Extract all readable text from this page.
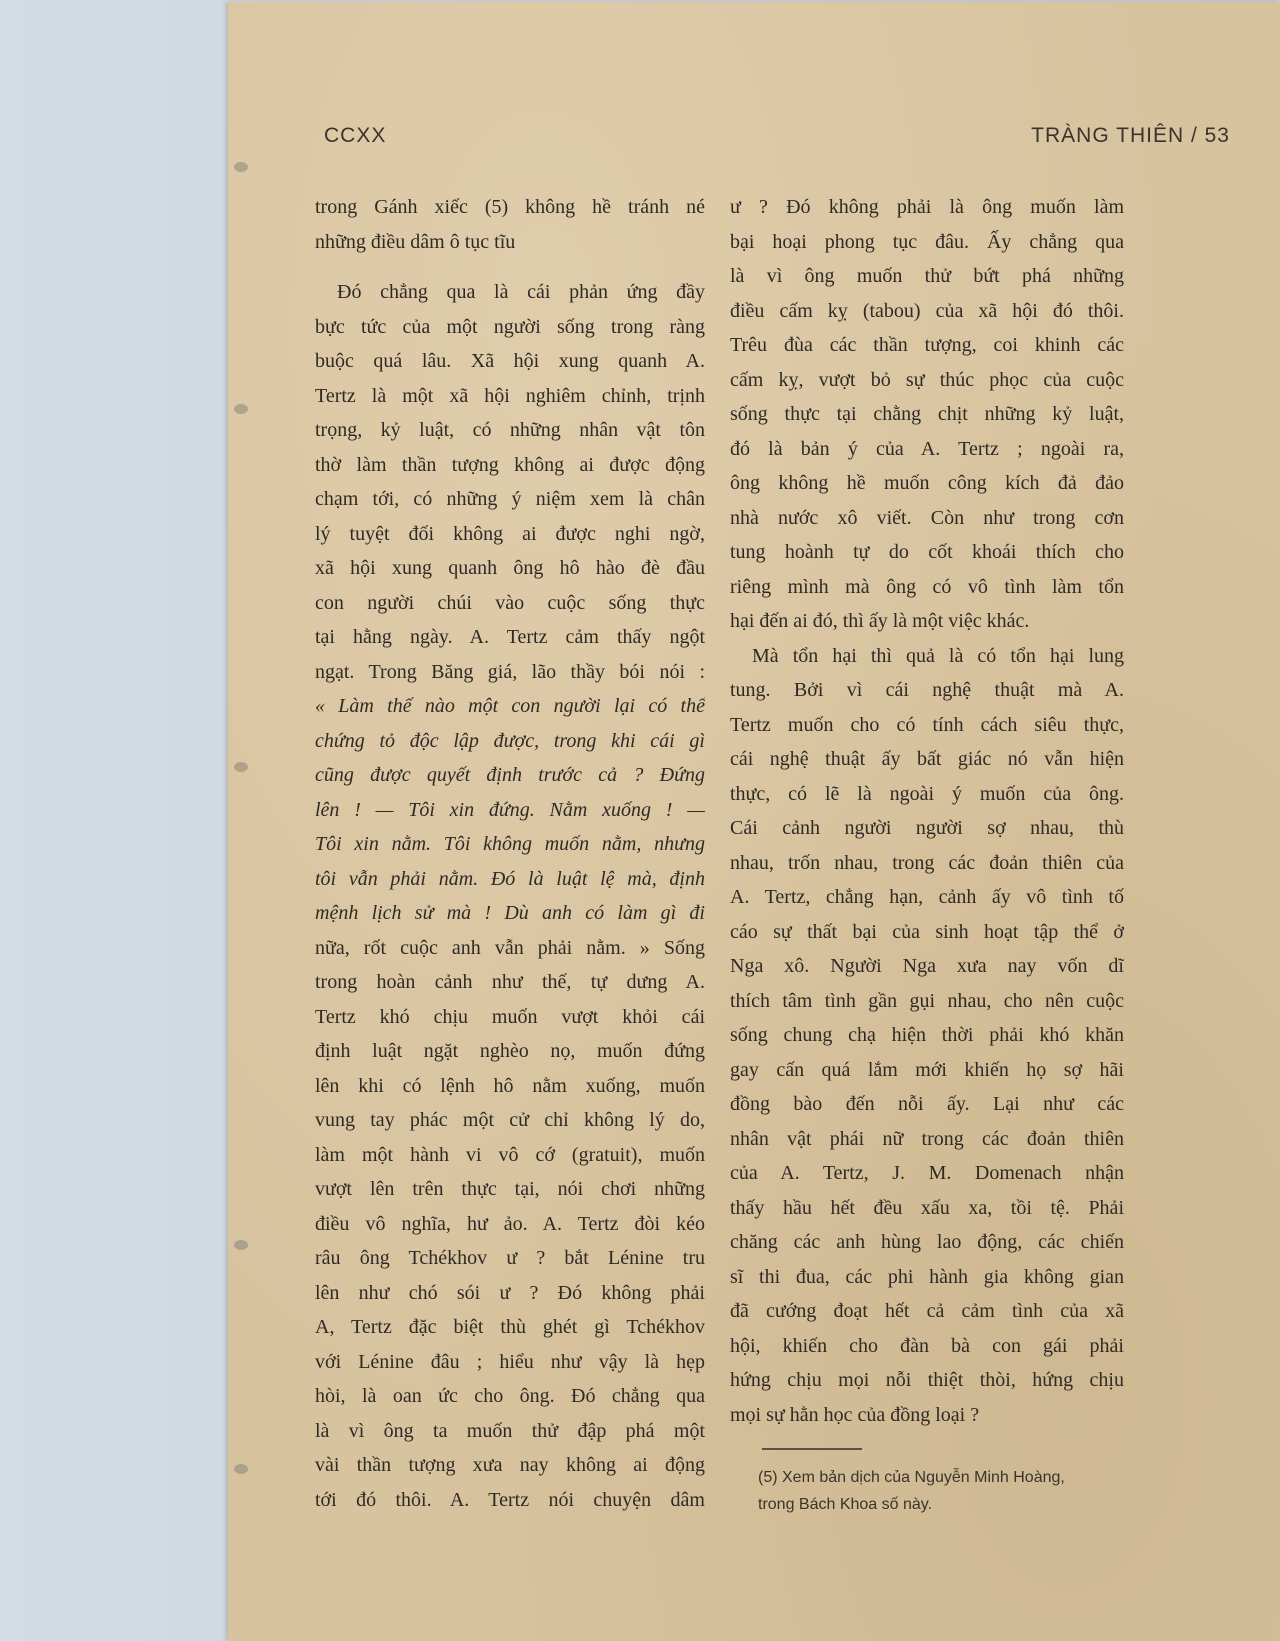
CCXX	TRÀNG THIÊN / 53
trong Gánh xiếc (5) không hề tránh né
những điều dâm ô tục tĩu
Đó chẳng qua là cái phản ứng đầy
bực tức của một người sống trong ràng
buộc quá lâu. Xã hội xung quanh A.
Tertz là một xã hội nghiêm chỉnh, trịnh
trọng, kỷ luật, có những nhân vật tôn
thờ làm thần tượng không ai được động
chạm tới, có những ý niệm xem là chân
lý tuyệt đối không ai được nghi ngờ,
xã hội xung quanh ông hô hào đè đầu
con người chúi vào cuộc sống thực
tại hằng ngày. A. Tertz cảm thấy ngột
ngạt. Trong Băng giá, lão thầy bói nói :
« Làm thế nào một con người lại có thể
chứng tỏ độc lập được, trong khi cái gì
cũng được quyết định trước cả ? Đứng
lên ! — Tôi xin đứng. Nằm xuống ! —
Tôi xin nằm. Tôi không muốn nằm, nhưng
tôi vẫn phải nằm. Đó là luật lệ mà, định
mệnh lịch sử mà ! Dù anh có làm gì đi
nữa, rốt cuộc anh vẫn phải nằm. » Sống
trong hoàn cảnh như thế, tự dưng A.
Tertz khó chịu muốn vượt khỏi cái
định luật ngặt nghèo nọ, muốn đứng
lên khi có lệnh hô nằm xuống, muốn
vung tay phác một cử chỉ không lý do,
làm một hành vi vô cớ (gratuit), muốn
vượt lên trên thực tại, nói chơi những
điều vô nghĩa, hư ảo. A. Tertz đòi kéo
râu ông Tchékhov ư ? bắt Lénine tru
lên như chó sói ư ? Đó không phải
A, Tertz đặc biệt thù ghét gì Tchékhov
với Lénine đâu ; hiểu như vậy là hẹp
hòi, là oan ức cho ông. Đó chẳng qua
là vì ông ta muốn thử đập phá một
vài thần tượng xưa nay không ai động
tới đó thôi. A. Tertz nói chuyện dâm
ư ? Đó không phải là ông muốn làm
bại hoại phong tục đâu. Ấy chẳng qua
là vì ông muốn thử bứt phá những
điều cấm kỵ (tabou) của xã hội đó thôi.
Trêu đùa các thần tượng, coi khinh các
cấm kỵ, vượt bỏ sự thúc phọc của cuộc
sống thực tại chằng chịt những kỷ luật,
đó là bản ý của A. Tertz ; ngoài ra,
ông không hề muốn công kích đả đảo
nhà nước xô viết. Còn như trong cơn
tung hoành tự do cốt khoái thích cho
riêng mình mà ông có vô tình làm tổn
hại đến ai đó, thì ấy là một việc khác.
Mà tổn hại thì quả là có tổn hại lung
tung. Bởi vì cái nghệ thuật mà A.
Tertz muốn cho có tính cách siêu thực,
cái nghệ thuật ấy bất giác nó vẫn hiện
thực, có lẽ là ngoài ý muốn của ông.
Cái cảnh người người sợ nhau, thù
nhau, trốn nhau, trong các đoản thiên của
A. Tertz, chẳng hạn, cảnh ấy vô tình tố
cáo sự thất bại của sinh hoạt tập thể ở
Nga xô. Người Nga xưa nay vốn dĩ
thích tâm tình gần gụi nhau, cho nên cuộc
sống chung chạ hiện thời phải khó khăn
gay cấn quá lắm mới khiến họ sợ hãi
đồng bào đến nỗi ấy. Lại như các
nhân vật phái nữ trong các đoản thiên
của A. Tertz, J. M. Domenach nhận
thấy hầu hết đều xấu xa, tồi tệ. Phải
chăng các anh hùng lao động, các chiến
sĩ thi đua, các phi hành gia không gian
đã cướng đoạt hết cả cảm tình của xã
hội, khiến cho đàn bà con gái phải
hứng chịu mọi nỗi thiệt thòi, hứng chịu
mọi sự hằn học của đồng loại ?
(5) Xem bản dịch của Nguyễn Minh Hoàng,
trong Bách Khoa số này.
